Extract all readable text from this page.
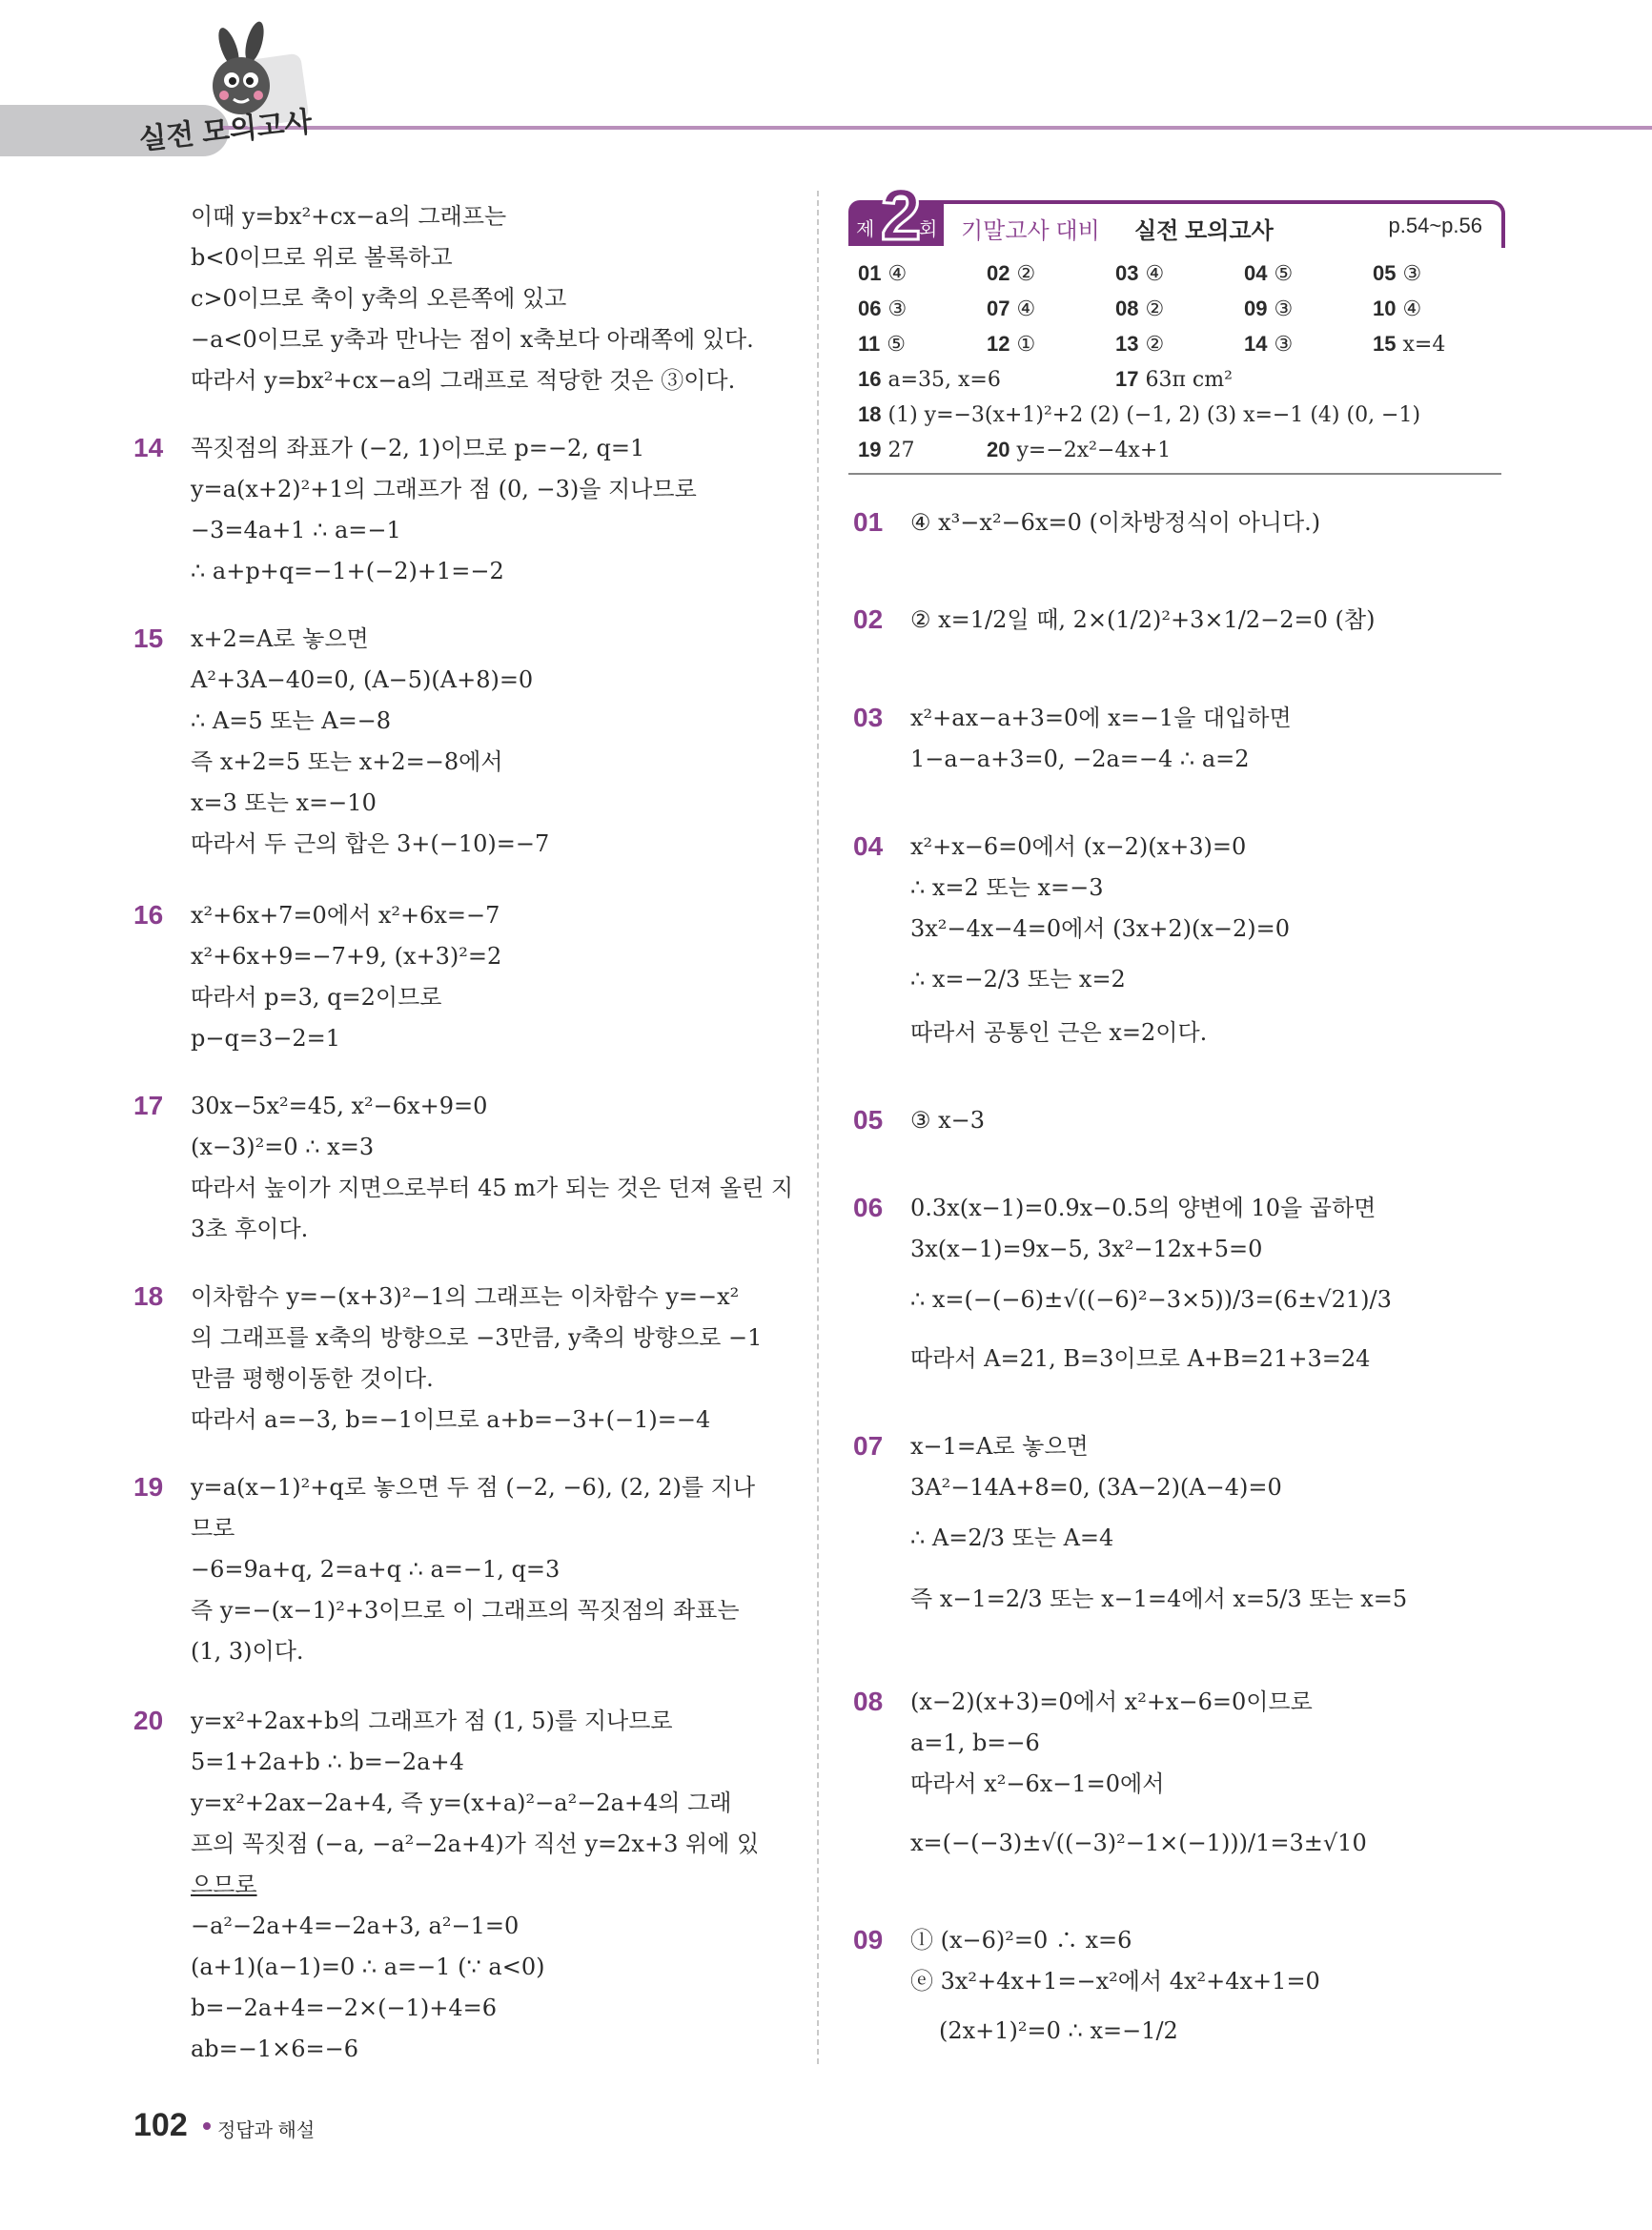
실전 모의고사
이때 y=bx²+cx−a의 그래프는
b<0이므로 위로 볼록하고
c>0이므로 축이 y축의 오른쪽에 있고
−a<0이므로 y축과 만나는 점이 x축보다 아래쪽에 있다.
따라서 y=bx²+cx−a의 그래프로 적당한 것은 ③이다.
14 꼭짓점의 좌표가 (−2, 1)이므로 p=−2, q=1
y=a(x+2)²+1의 그래프가 점 (0, −3)을 지나므로
−3=4a+1 ∴ a=−1
∴ a+p+q=−1+(−2)+1=−2
15 x+2=A로 놓으면
A²+3A−40=0, (A−5)(A+8)=0
∴ A=5 또는 A=−8
즉 x+2=5 또는 x+2=−8에서
x=3 또는 x=−10
따라서 두 근의 합은 3+(−10)=−7
16 x²+6x+7=0에서 x²+6x=−7
x²+6x+9=−7+9, (x+3)²=2
따라서 p=3, q=2이므로
p−q=3−2=1
17 30x−5x²=45, x²−6x+9=0
(x−3)²=0 ∴ x=3
따라서 높이가 지면으로부터 45 m가 되는 것은 던져 올린 지
3초 후이다.
18 이차함수 y=−(x+3)²−1의 그래프는 이차함수 y=−x²
의 그래프를 x축의 방향으로 −3만큼, y축의 방향으로 −1
만큼 평행이동한 것이다.
따라서 a=−3, b=−1이므로 a+b=−3+(−1)=−4
19 y=a(x−1)²+q로 놓으면 두 점 (−2, −6), (2, 2)를 지나
므로
−6=9a+q, 2=a+q ∴ a=−1, q=3
즉 y=−(x−1)²+3이므로 이 그래프의 꼭짓점의 좌표는
(1, 3)이다.
20 y=x²+2ax+b의 그래프가 점 (1, 5)를 지나므로
5=1+2a+b ∴ b=−2a+4
y=x²+2ax−2a+4, 즉 y=(x+a)²−a²−2a+4의 그래
프의 꼭짓점 (−a, −a²−2a+4)가 직선 y=2x+3 위에 있
으므로
−a²−2a+4=−2a+3, a²−1=0
(a+1)(a−1)=0 ∴ a=−1 (∵ a<0)
b=−2a+4=−2×(−1)+4=6
ab=−1×6=−6
2
제 회 기말고사 대비 실전 모의고사	p.54~p.56
01 ④	02 ②	03 ④	04 ⑤	05 ③
06 ③	07 ④	08 ②	09 ③	10 ④
11 ⑤	12 ①	13 ②	14 ③	15 x=4
16 a=35, x=6	17 63π cm²
18 (1) y=−3(x+1)²+2 (2) (−1, 2) (3) x=−1 (4) (0, −1)
19 27	20 y=−2x²−4x+1
01 ④ x³−x²−6x=0 (이차방정식이 아니다.)
02 ② x=1/2일 때, 2×(1/2)²+3×1/2−2=0 (참)
03 x²+ax−a+3=0에 x=−1을 대입하면
1−a−a+3=0, −2a=−4 ∴ a=2
04 x²+x−6=0에서 (x−2)(x+3)=0
∴ x=2 또는 x=−3
3x²−4x−4=0에서 (3x+2)(x−2)=0
∴ x=−2/3 또는 x=2
따라서 공통인 근은 x=2이다.
05 ③ x−3
06 0.3x(x−1)=0.9x−0.5의 양변에 10을 곱하면
3x(x−1)=9x−5, 3x²−12x+5=0
∴ x=(−(−6)±√((−6)²−3×5))/3=(6±√21)/3
따라서 A=21, B=3이므로 A+B=21+3=24
07 x−1=A로 놓으면
3A²−14A+8=0, (3A−2)(A−4)=0
∴ A=2/3 또는 A=4
즉 x−1=2/3 또는 x−1=4에서 x=5/3 또는 x=5
08 (x−2)(x+3)=0에서 x²+x−6=0이므로
a=1, b=−6
따라서 x²−6x−1=0에서
x=(−(−3)±√((−3)²−1×(−1)))/1=3±√10
09 ⓛ (x−6)²=0 ∴ x=6
ⓔ 3x²+4x+1=−x²에서 4x²+4x+1=0
(2x+1)²=0 ∴ x=−1/2
102 정답과 해설
